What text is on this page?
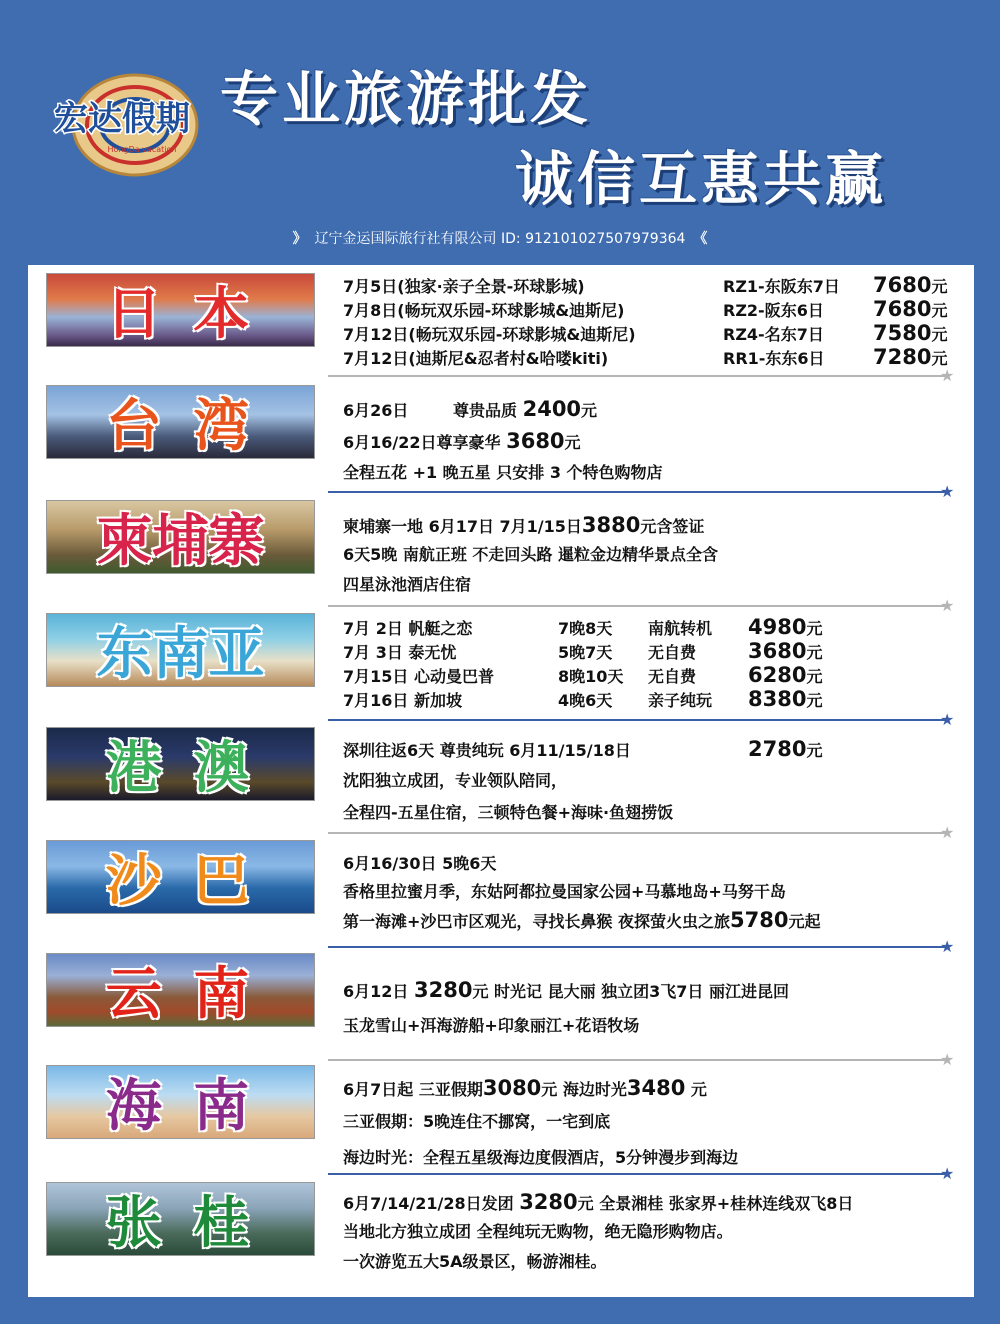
宏达假期
HongDa vacation
专业旅游批发
诚信互惠共赢
》 辽宁金运国际旅行社有限公司 ID: 912101027507979364 《
日 本	7月5日(独家·亲子全景-环球影城)	RZ1-东阪东7日 7680元
7月8日(畅玩双乐园-环球影城&迪斯尼)	RZ2-阪东6日 7680元
7月12日(畅玩双乐园-环球影城&迪斯尼)	RZ4-名东7日 7580元
7月12日(迪斯尼&忍者村&哈喽kiti)	RR1-东东6日 7280元
★
台 湾	6月26日	尊贵品质 2400元
6月16/22日尊享豪华 3680元
全程五花 +1 晚五星 只安排 3 个特色购物店
★
柬埔寨	柬埔寨一地 6月17日 7月1/15日3880元含签证
6天5晚 南航正班 不走回头路 暹粒金边精华景点全含
四星泳池酒店住宿
★
东南亚	7月 2日 帆艇之恋	7晚8天 南航转机 4980元
7月 3日 泰无忧	5晚7天 无自费 3680元
7月15日 心动曼巴普	8晚10天 无自费 6280元
7月16日 新加坡	4晚6天 亲子纯玩 8380元
★
港 澳	深圳往返6天 尊贵纯玩 6月11/15/18日	2780元
沈阳独立成团，专业领队陪同，
全程四-五星住宿，三顿特色餐+海味·鱼翅捞饭
★
沙 巴	6月16/30日 5晚6天
香格里拉蜜月季，东姑阿都拉曼国家公园+马慕地岛+马努干岛
第一海滩+沙巴市区观光，寻找长鼻猴 夜探萤火虫之旅5780元起
★
云 南	6月12日 3280元 时光记 昆大丽 独立团3飞7日 丽江进昆回
玉龙雪山+洱海游船+印象丽江+花语牧场
★
海 南	6月7日起 三亚假期3080元 海边时光3480 元
三亚假期：5晚连住不挪窝，一宅到底
海边时光：全程五星级海边度假酒店，5分钟漫步到海边
★
张 桂	6月7/14/21/28日发团 3280元 全景湘桂 张家界+桂林连线双飞8日
当地北方独立成团 全程纯玩无购物，绝无隐形购物店。
一次游览五大5A级景区，畅游湘桂。
